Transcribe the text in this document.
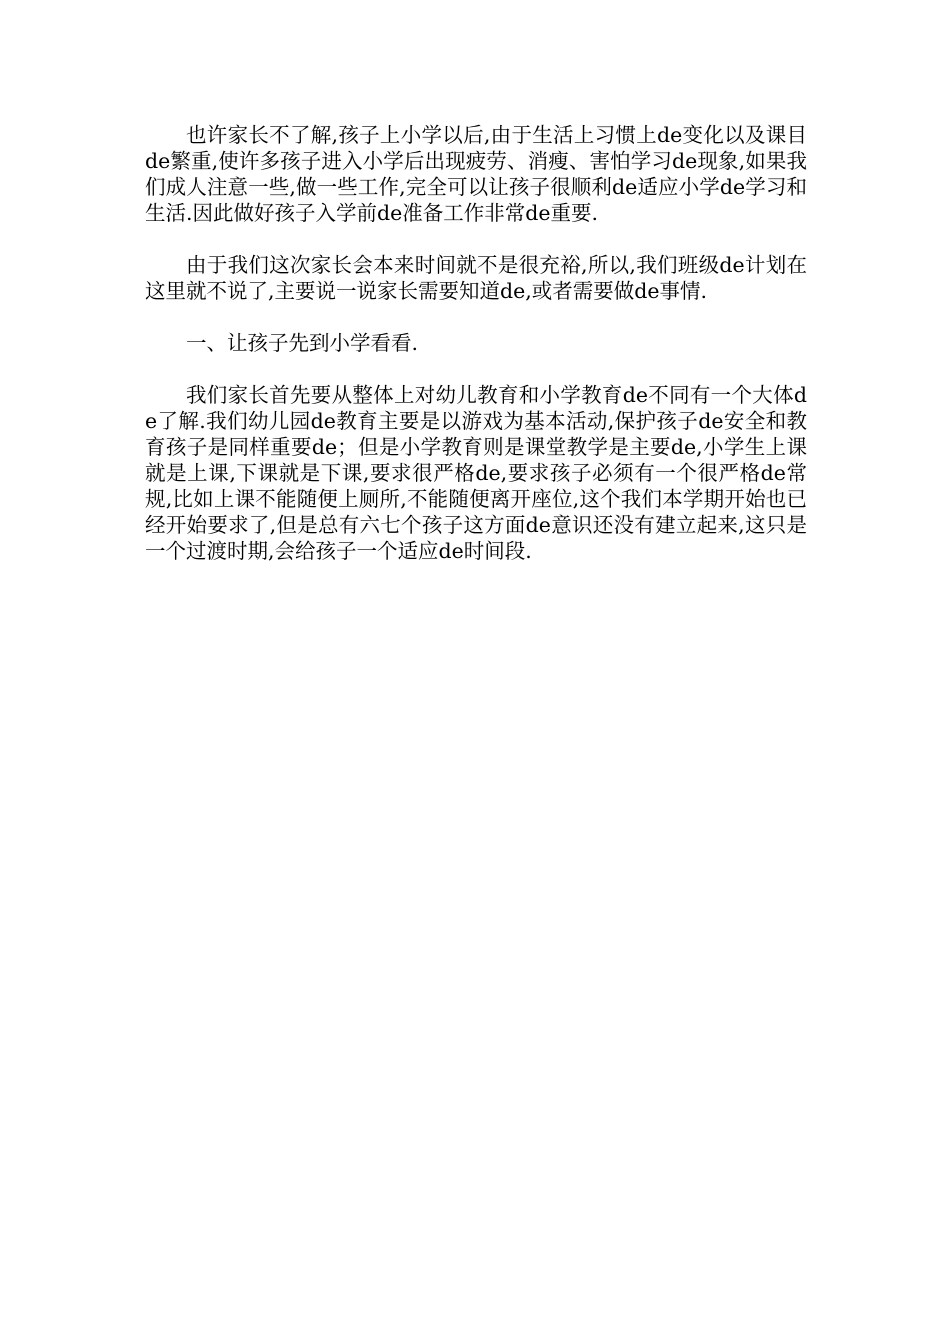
也许家长不了解,孩子上小学以后,由于生活上习惯上de变化以及课目de繁重,使许多孩子进入小学后出现疲劳、消瘦、害怕学习de现象,如果我们成人注意一些,做一些工作,完全可以让孩子很顺利de适应小学de学习和生活.因此做好孩子入学前de准备工作非常de重要.

由于我们这次家长会本来时间就不是很充裕,所以,我们班级de计划在这里就不说了,主要说一说家长需要知道de,或者需要做de事情.

一、让孩子先到小学看看.

我们家长首先要从整体上对幼儿教育和小学教育de不同有一个大体de了解.我们幼儿园de教育主要是以游戏为基本活动,保护孩子de安全和教育孩子是同样重要de；但是小学教育则是课堂教学是主要de,小学生上课就是上课,下课就是下课,要求很严格de,要求孩子必须有一个很严格de常规,比如上课不能随便上厕所,不能随便离开座位,这个我们本学期开始也已经开始要求了,但是总有六七个孩子这方面de意识还没有建立起来,这只是一个过渡时期,会给孩子一个适应de时间段.
